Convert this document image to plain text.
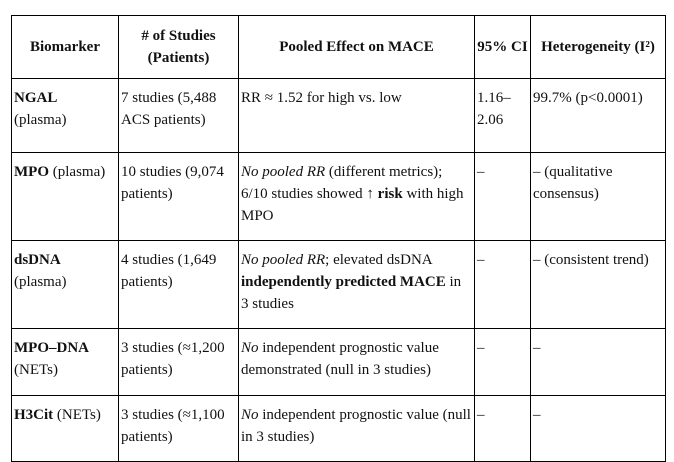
Biomarker	# of Studies (Patients)	Pooled Effect on MACE	95% CI	Heterogeneity (I²)
NGAL
(plasma)	7 studies (5,488 ACS patients)	RR ≈ 1.52 for high vs. low	1.16–2.06	99.7% (p<0.0001)
MPO (plasma)	10 studies (9,074 patients)	No pooled RR (different metrics); 6/10 studies showed ↑ risk with high MPO	–	– (qualitative consensus)
dsDNA
(plasma)	4 studies (1,649 patients)	No pooled RR; elevated dsDNA independently predicted MACE in 3 studies	–	– (consistent trend)
MPO–DNA
(NETs)	3 studies (≈1,200 patients)	No independent prognostic value demonstrated (null in 3 studies)	–	–
H3Cit (NETs)	3 studies (≈1,100 patients)	No independent prognostic value (null in 3 studies)	–	–
